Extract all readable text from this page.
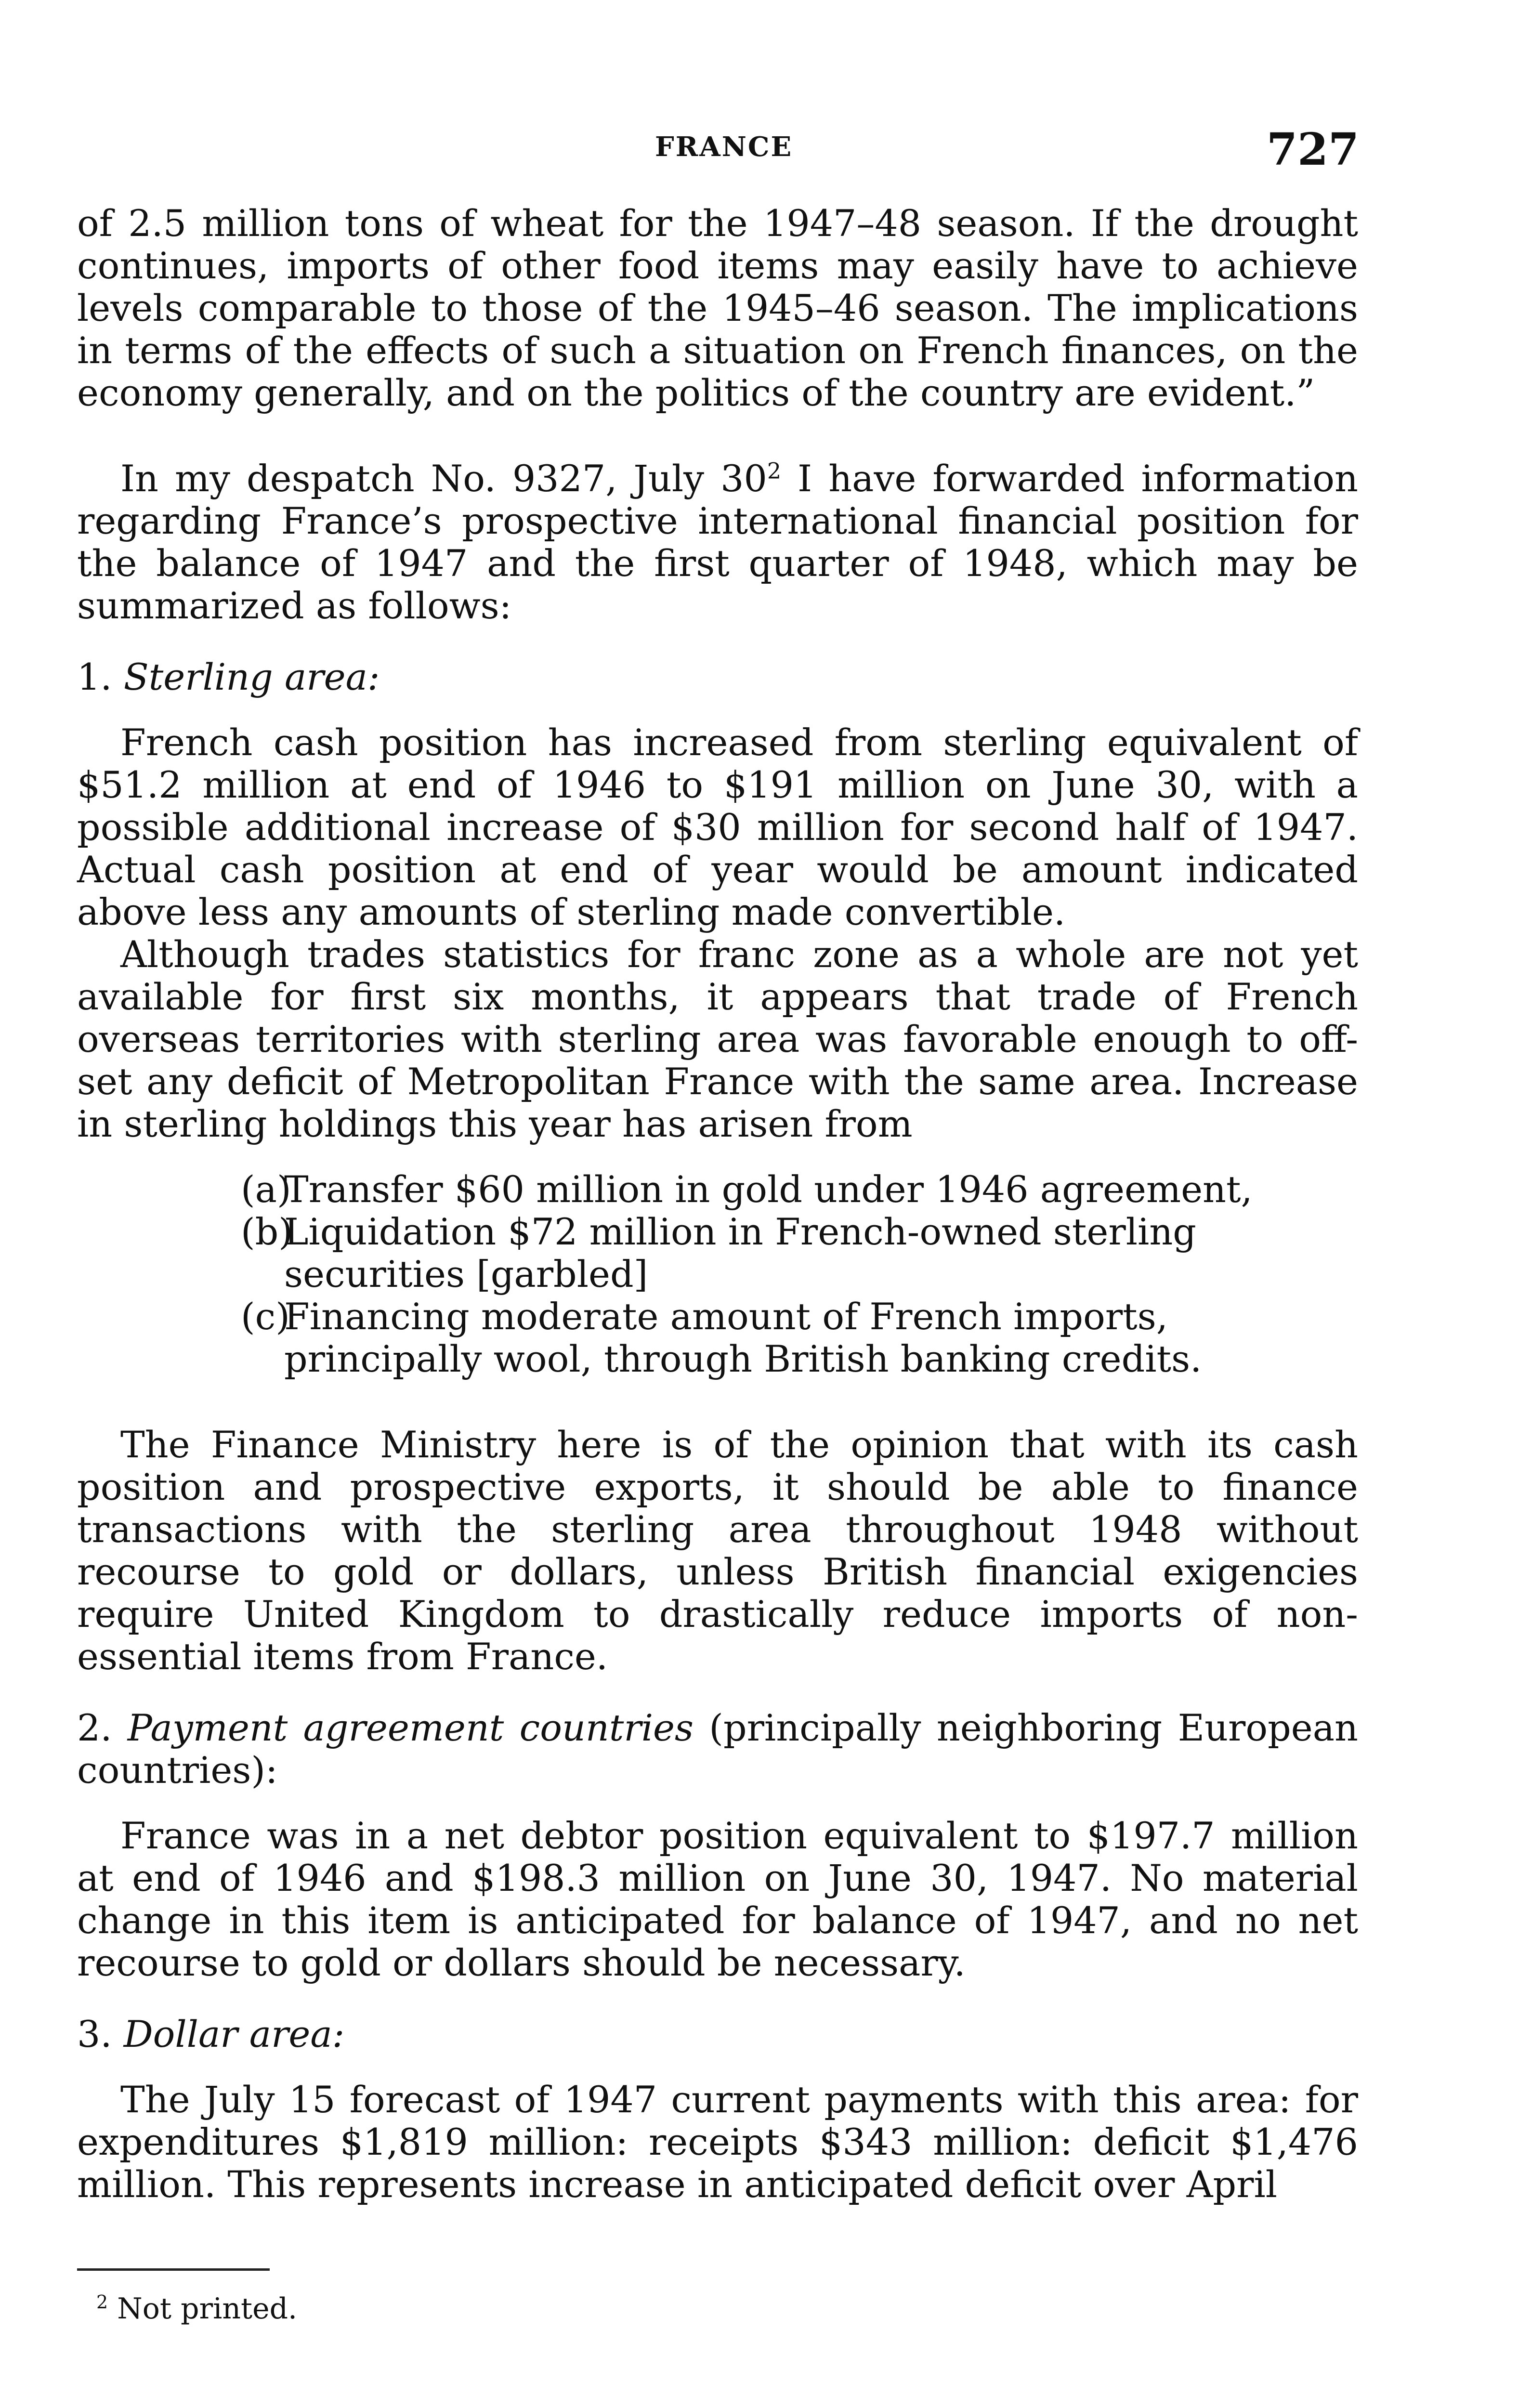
FRANCE	727

of 2.5 million tons of wheat for the 1947–48 season. If the drought continues, imports of other food items may easily have to achieve levels comparable to those of the 1945–46 season. The implications in terms of the effects of such a situation on French finances, on the economy generally, and on the politics of the country are evident.”

In my despatch No. 9327, July 30$^2$ I have forwarded information regarding France’s prospective international financial position for the balance of 1947 and the first quarter of 1948, which may be summarized as follows:

1. Sterling area:

French cash position has increased from sterling equivalent of $51.2 million at end of 1946 to $191 million on June 30, with a possible additional increase of $30 million for second half of 1947. Actual cash position at end of year would be amount indicated above less any amounts of sterling made convertible.

Although trades statistics for franc zone as a whole are not yet available for first six months, it appears that trade of French overseas territories with sterling area was favorable enough to off-set any deficit of Metropolitan France with the same area. Increase in sterling holdings this year has arisen from

(a)Transfer $60 million in gold under 1946 agreement,
(b)Liquidation $72 million in French-owned sterling securities [garbled]
(c)Financing moderate amount of French imports, principally wool, through British banking credits.

The Finance Ministry here is of the opinion that with its cash position and prospective exports, it should be able to finance transactions with the sterling area throughout 1948 without recourse to gold or dollars, unless British financial exigencies require United Kingdom to drastically reduce imports of non-essential items from France.

2. Payment agreement countries (principally neighboring European countries):

France was in a net debtor position equivalent to $197.7 million at end of 1946 and $198.3 million on June 30, 1947. No material change in this item is anticipated for balance of 1947, and no net recourse to gold or dollars should be necessary.

3. Dollar area:

The July 15 forecast of 1947 current payments with this area: for expenditures $1,819 million: receipts $343 million: deficit $1,476 million. This represents increase in anticipated deficit over April

$^2$ Not printed.
